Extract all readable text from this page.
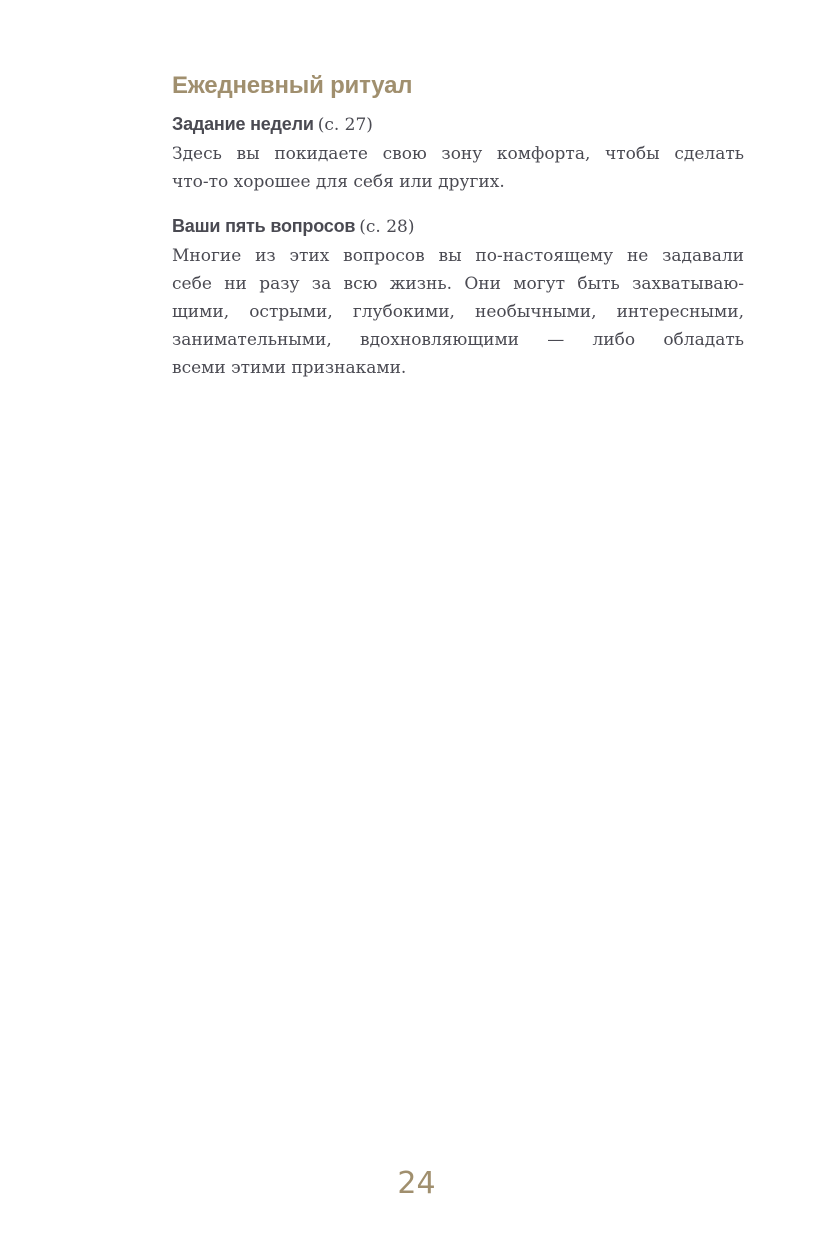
Ежедневный ритуал

Задание недели (с. 27)

Здесь вы покидаете свою зону комфорта, чтобы сделать

что-то хорошее для себя или других.

Ваши пять вопросов (с. 28)

Многие из этих вопросов вы по-настоящему не задавали

себе ни разу за всю жизнь. Они могут быть захватываю-

щими, острыми, глубокими, необычными, интересными,

занимательными, вдохновляющими — либо обладать

всеми этими признаками.

24
